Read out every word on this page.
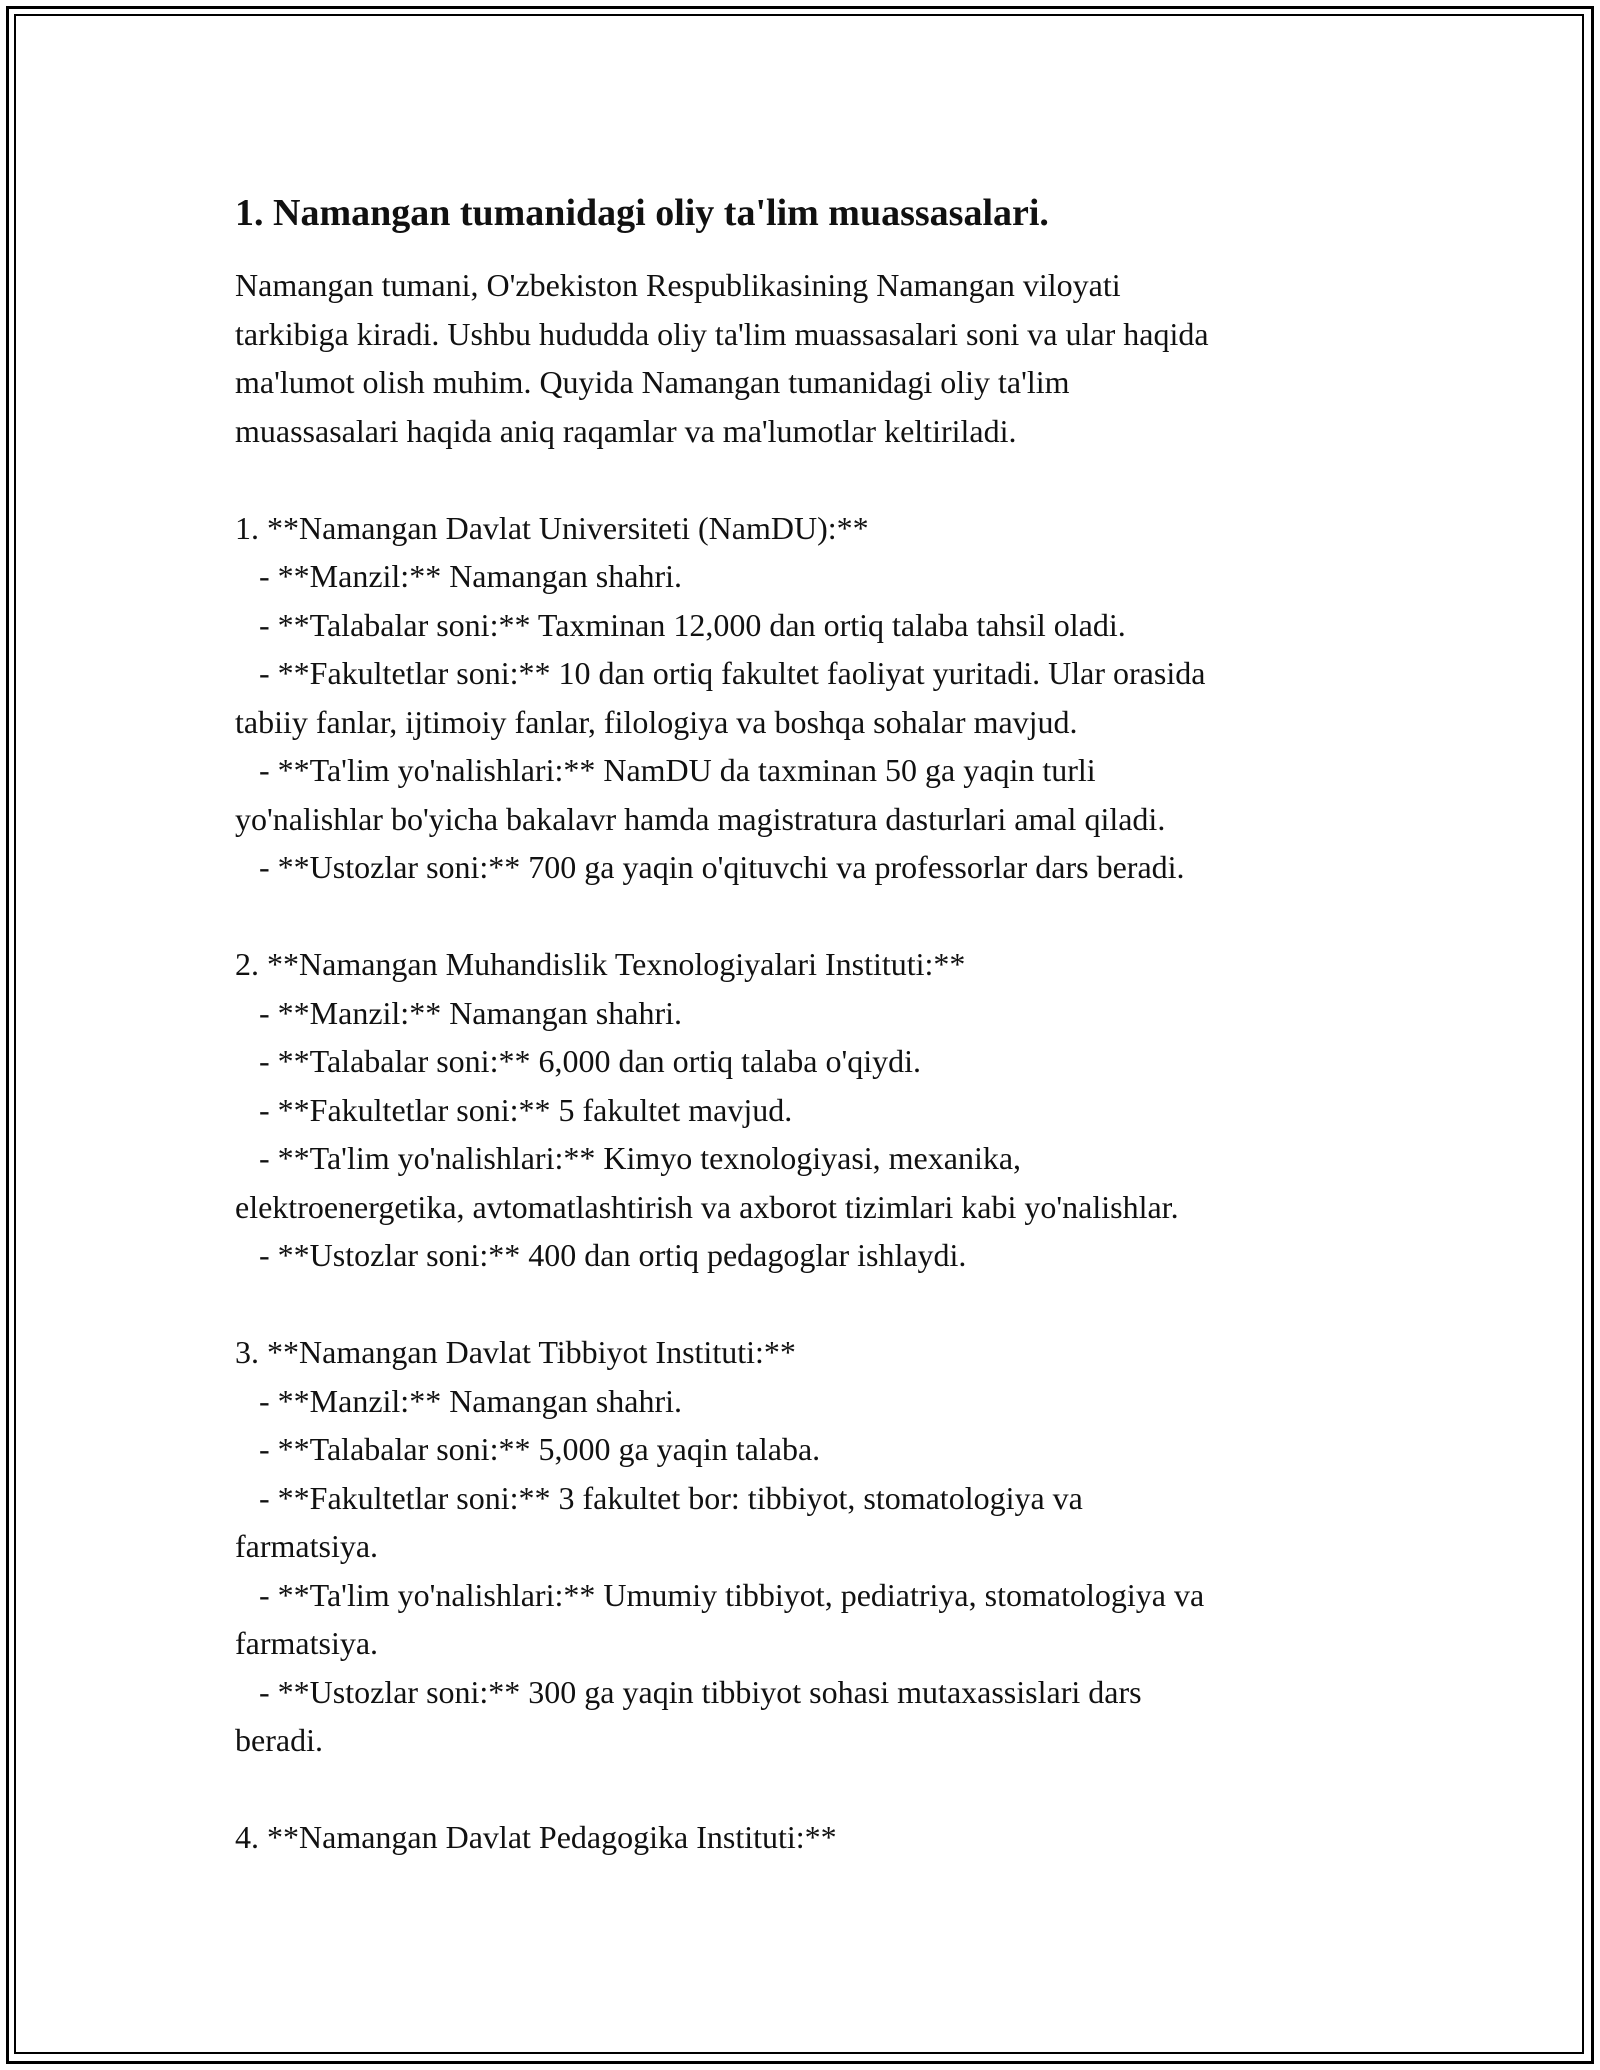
1. Namangan tumanidagi oliy ta'lim muassasalari.
Namangan tumani, O'zbekiston Respublikasining Namangan viloyati
tarkibiga kiradi. Ushbu hududda oliy ta'lim muassasalari soni va ular haqida
ma'lumot olish muhim. Quyida Namangan tumanidagi oliy ta'lim
muassasalari haqida aniq raqamlar va ma'lumotlar keltiriladi.
1. **Namangan Davlat Universiteti (NamDU):**
- **Manzil:** Namangan shahri.
- **Talabalar soni:** Taxminan 12,000 dan ortiq talaba tahsil oladi.
- **Fakultetlar soni:** 10 dan ortiq fakultet faoliyat yuritadi. Ular orasida
tabiiy fanlar, ijtimoiy fanlar, filologiya va boshqa sohalar mavjud.
- **Ta'lim yo'nalishlari:** NamDU da taxminan 50 ga yaqin turli
yo'nalishlar bo'yicha bakalavr hamda magistratura dasturlari amal qiladi.
- **Ustozlar soni:** 700 ga yaqin o'qituvchi va professorlar dars beradi.
2. **Namangan Muhandislik Texnologiyalari Instituti:**
- **Manzil:** Namangan shahri.
- **Talabalar soni:** 6,000 dan ortiq talaba o'qiydi.
- **Fakultetlar soni:** 5 fakultet mavjud.
- **Ta'lim yo'nalishlari:** Kimyo texnologiyasi, mexanika,
elektroenergetika, avtomatlashtirish va axborot tizimlari kabi yo'nalishlar.
- **Ustozlar soni:** 400 dan ortiq pedagoglar ishlaydi.
3. **Namangan Davlat Tibbiyot Instituti:**
- **Manzil:** Namangan shahri.
- **Talabalar soni:** 5,000 ga yaqin talaba.
- **Fakultetlar soni:** 3 fakultet bor: tibbiyot, stomatologiya va
farmatsiya.
- **Ta'lim yo'nalishlari:** Umumiy tibbiyot, pediatriya, stomatologiya va
farmatsiya.
- **Ustozlar soni:** 300 ga yaqin tibbiyot sohasi mutaxassislari dars
beradi.
4. **Namangan Davlat Pedagogika Instituti:**
